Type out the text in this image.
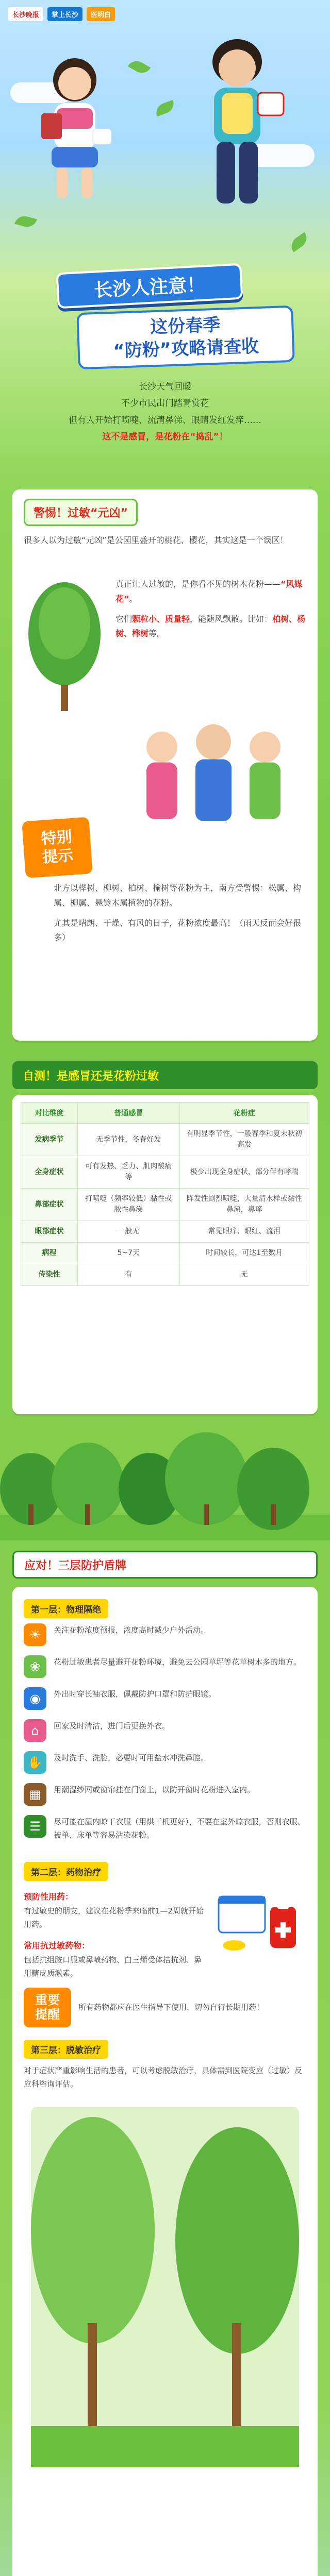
长沙晚报	掌上长沙	医明白
长沙人注意！
这份春季
“防粉”攻略请查收
长沙天气回暖
不少市民出门踏青赏花
但有人开始打喷嚏、流清鼻涕、眼睛发红发痒……
这不是感冒，是花粉在“捣乱”！
警惕！过敏“元凶”

很多人以为过敏“元凶”是公园里盛开的桃花、樱花，其实这是一个误区！

真正让人过敏的，是你看不见的树木花粉——“风媒花”。

它们颗粒小、质量轻，能随风飘散。比如：柏树、杨树、桦树等。

特别
提示

北方以桦树、柳树、柏树、榆树等花粉为主，南方受警惕：松属、构属、柳属、悬铃木属植物的花粉。

尤其是晴朗、干燥、有风的日子，花粉浓度最高！（雨天反而会好很多）

自测！是感冒还是花粉过敏
对比维度	普通感冒	花粉症
发病季节	无季节性，冬春好发	有明显季节性，一般春季和夏末秋初高发
全身症状	可有发热、乏力、肌肉酸痛等	极少出现全身症状，部分伴有哮喘
鼻部症状	打喷嚏（频率较低）黏性或脓性鼻涕	阵发性剧烈喷嚏，大量清水样或黏性鼻涕，鼻痒
眼部症状	一般无	常见眼痒、眼红、流泪
病程	5~7天	时间较长，可达1至数月
传染性	有	无
应对！三层防护盾牌
第一层：物理隔绝
☀	关注花粉浓度预报，浓度高时减少户外活动。
❀	花粉过敏患者尽量避开花粉环境，避免去公园草坪等花草树木多的地方。
◉	外出时穿长袖衣服，佩戴防护口罩和防护眼镜。
⌂	回家及时清洁，进门后更换外衣。
✋	及时洗手、洗脸，必要时可用盐水冲洗鼻腔。
▦	用潮湿纱网或窗帘挂在门窗上，以防开窗时花粉进入室内。
☰	尽可能在屋内晾干衣服（用烘干机更好），不要在室外晾衣服，否则衣服、被单、床单等容易沾染花粉。
第二层：药物治疗
预防性用药：
有过敏史的朋友，建议在花粉季来临前1—2周就开始用药。
常用抗过敏药物：
包括抗组胺口服或鼻喷药物、白三烯受体拮抗剂、鼻用糖皮质激素。
重要
提醒
所有药物都应在医生指导下使用，切勿自行长期用药！
第三层：脱敏治疗
对于症状严重影响生活的患者，可以考虑脱敏治疗，具体需到医院变应（过敏）反应科咨询评估。
